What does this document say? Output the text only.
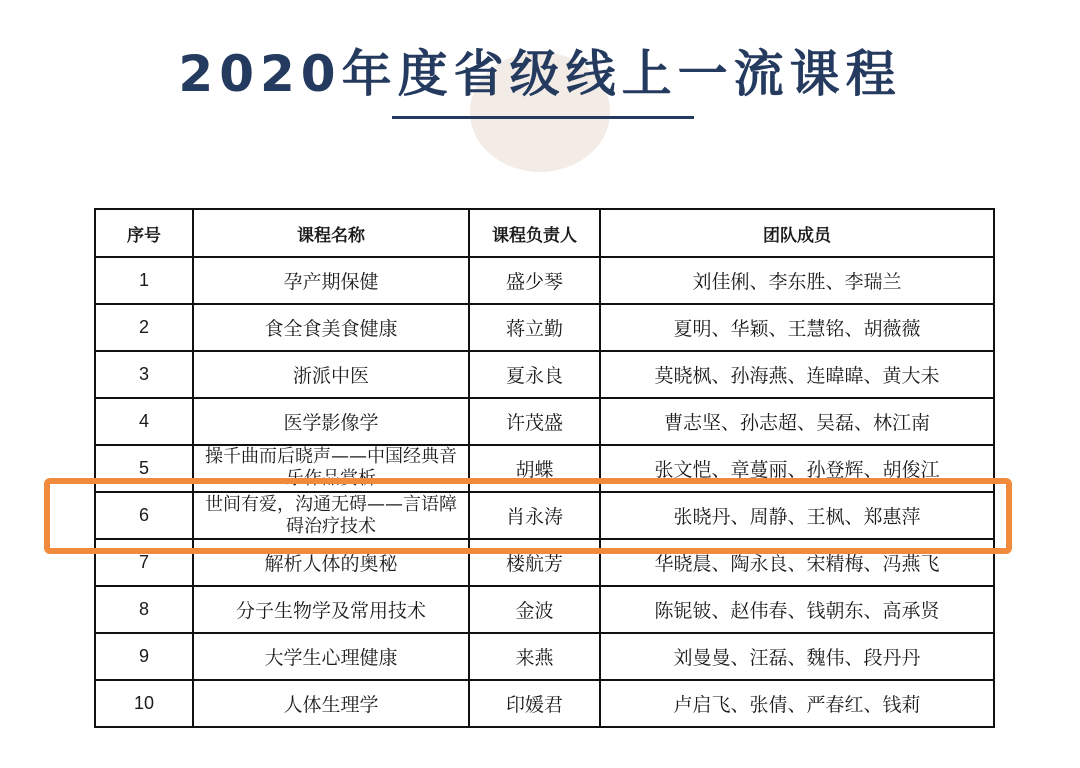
2020年度省级线上一流课程
序号	课程名称	课程负责人	团队成员
1	孕产期保健	盛少琴	刘佳俐、李东胜、李瑞兰
2	食全食美食健康	蒋立勤	夏明、华颖、王慧铭、胡薇薇
3	浙派中医	夏永良	莫晓枫、孙海燕、连暐暐、黄大未
4	医学影像学	许茂盛	曹志坚、孙志超、吴磊、林江南
5	操千曲而后晓声——中国经典音乐作品赏析	胡蝶	张文恺、章蔓丽、孙登辉、胡俊江
6	世间有爱，沟通无碍——言语障碍治疗技术	肖永涛	张晓丹、周静、王枫、郑惠萍
7	解析人体的奥秘	楼航芳	华晓晨、陶永良、宋精梅、冯燕飞
8	分子生物学及常用技术	金波	陈铌铍、赵伟春、钱朝东、高承贤
9	大学生心理健康	来燕	刘曼曼、汪磊、魏伟、段丹丹
10	人体生理学	印媛君	卢启飞、张倩、严春红、钱莉
